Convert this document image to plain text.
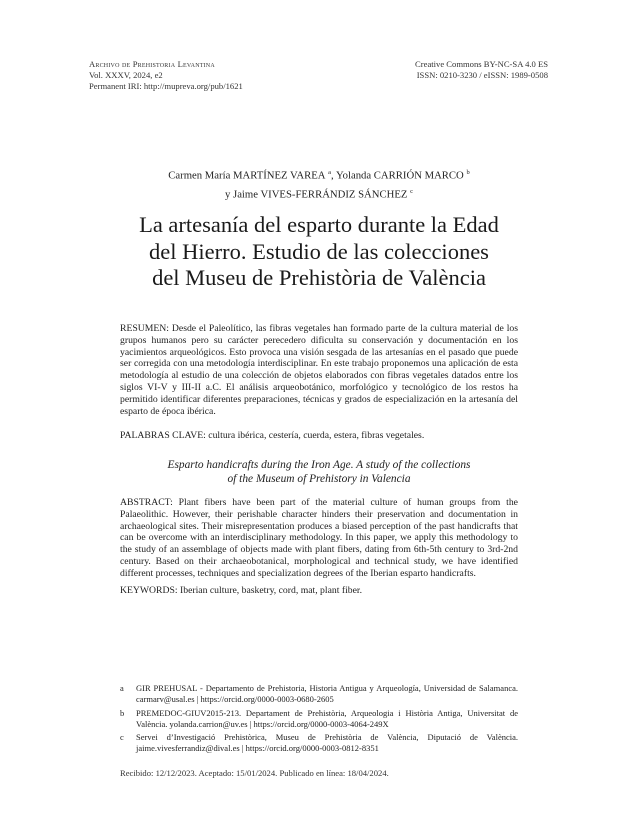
Archivo de Prehistoria Levantina
Vol. XXXV, 2024, e2
Permanent IRI: http://mupreva.org/pub/1621
Creative Commons BY-NC-SA 4.0 ES
ISSN: 0210-3230 / eISSN: 1989-0508
Carmen María MARTÍNEZ VAREA $^a$, Yolanda CARRIÓN MARCO $^b$
y Jaime VIVES-FERRÁNDIZ SÁNCHEZ $^c$
La artesanía del esparto durante la Edad
del Hierro. Estudio de las colecciones
del Museu de Prehistòria de València
RESUMEN: Desde el Paleolítico, las fibras vegetales han formado parte de la cultura material de los grupos humanos pero su carácter perecedero dificulta su conservación y documentación en los yacimientos arqueológicos. Esto provoca una visión sesgada de las artesanías en el pasado que puede ser corregida con una metodología interdisciplinar. En este trabajo proponemos una aplicación de esta metodología al estudio de una colección de objetos elaborados con fibras vegetales datados entre los siglos VI-V y III-II a.C. El análisis arqueobotánico, morfológico y tecnológico de los restos ha permitido identificar diferentes preparaciones, técnicas y grados de especialización en la artesanía del esparto de época ibérica.
PALABRAS CLAVE: cultura ibérica, cestería, cuerda, estera, fibras vegetales.
Esparto handicrafts during the Iron Age. A study of the collections
of the Museum of Prehistory in Valencia
ABSTRACT: Plant fibers have been part of the material culture of human groups from the Palaeolithic. However, their perishable character hinders their preservation and documentation in archaeological sites. Their misrepresentation produces a biased perception of the past handicrafts that can be overcome with an interdisciplinary methodology. In this paper, we apply this methodology to the study of an assemblage of objects made with plant fibers, dating from 6th-5th century to 3rd-2nd century. Based on their archaeobotanical, morphological and technical study, we have identified different processes, techniques and specialization degrees of the Iberian esparto handicrafts.
KEYWORDS: Iberian culture, basketry, cord, mat, plant fiber.
a	GIR PREHUSAL - Departamento de Prehistoria, Historia Antigua y Arqueología, Universidad de Salamanca. carmarv@usal.es | https://orcid.org/0000-0003-0680-2605
b	PREMEDOC-GIUV2015-213. Departament de Prehistòria, Arqueologia i Història Antiga, Universitat de València. yolanda.carrion@uv.es | https://orcid.org/0000-0003-4064-249X
c	Servei d’Investigació Prehistòrica, Museu de Prehistòria de València, Diputació de València. jaime.vivesferrandiz@dival.es | https://orcid.org/0000-0003-0812-8351
Recibido: 12/12/2023. Aceptado: 15/01/2024. Publicado en línea: 18/04/2024.
